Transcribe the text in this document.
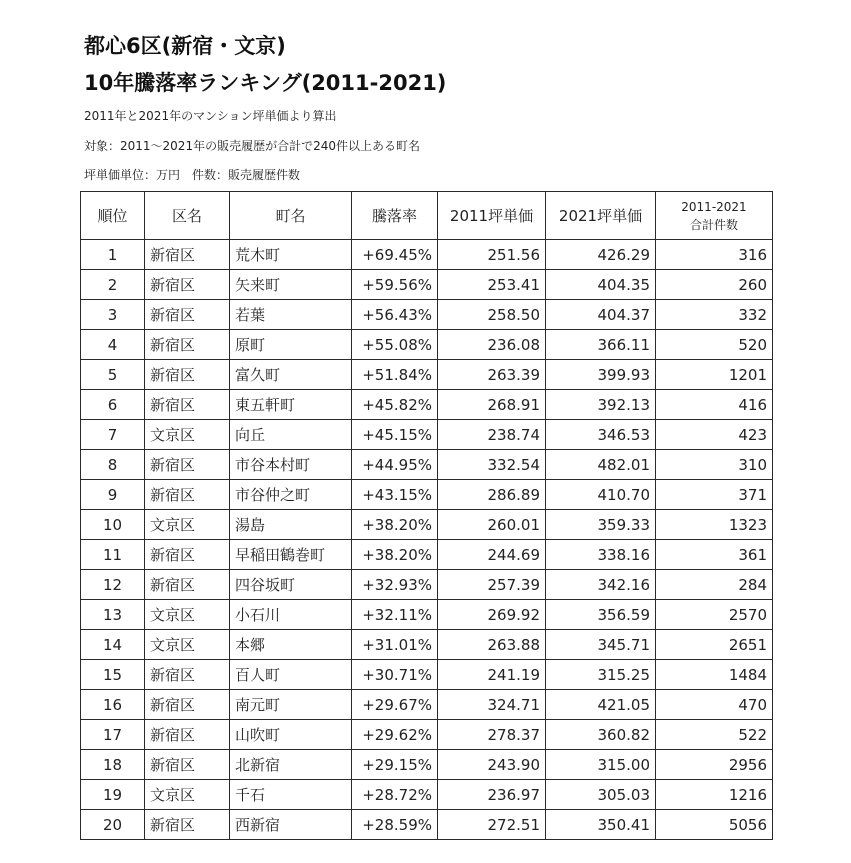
都心6区(新宿・文京)
10年騰落率ランキング(2011-2021)
2011年と2021年のマンション坪単価より算出
対象：2011～2021年の販売履歴が合計で240件以上ある町名
坪単価単位：万円　件数：販売履歴件数
順位	区名	町名	騰落率	2011坪単価	2021坪単価	2011-2021
合計件数

1	新宿区	荒木町	+69.45%	251.56	426.29	316
2	新宿区	矢来町	+59.56%	253.41	404.35	260
3	新宿区	若葉	+56.43%	258.50	404.37	332
4	新宿区	原町	+55.08%	236.08	366.11	520
5	新宿区	富久町	+51.84%	263.39	399.93	1201
6	新宿区	東五軒町	+45.82%	268.91	392.13	416
7	文京区	向丘	+45.15%	238.74	346.53	423
8	新宿区	市谷本村町	+44.95%	332.54	482.01	310
9	新宿区	市谷仲之町	+43.15%	286.89	410.70	371
10	文京区	湯島	+38.20%	260.01	359.33	1323
11	新宿区	早稲田鶴巻町	+38.20%	244.69	338.16	361
12	新宿区	四谷坂町	+32.93%	257.39	342.16	284
13	文京区	小石川	+32.11%	269.92	356.59	2570
14	文京区	本郷	+31.01%	263.88	345.71	2651
15	新宿区	百人町	+30.71%	241.19	315.25	1484
16	新宿区	南元町	+29.67%	324.71	421.05	470
17	新宿区	山吹町	+29.62%	278.37	360.82	522
18	新宿区	北新宿	+29.15%	243.90	315.00	2956
19	文京区	千石	+28.72%	236.97	305.03	1216
20	新宿区	西新宿	+28.59%	272.51	350.41	5056
